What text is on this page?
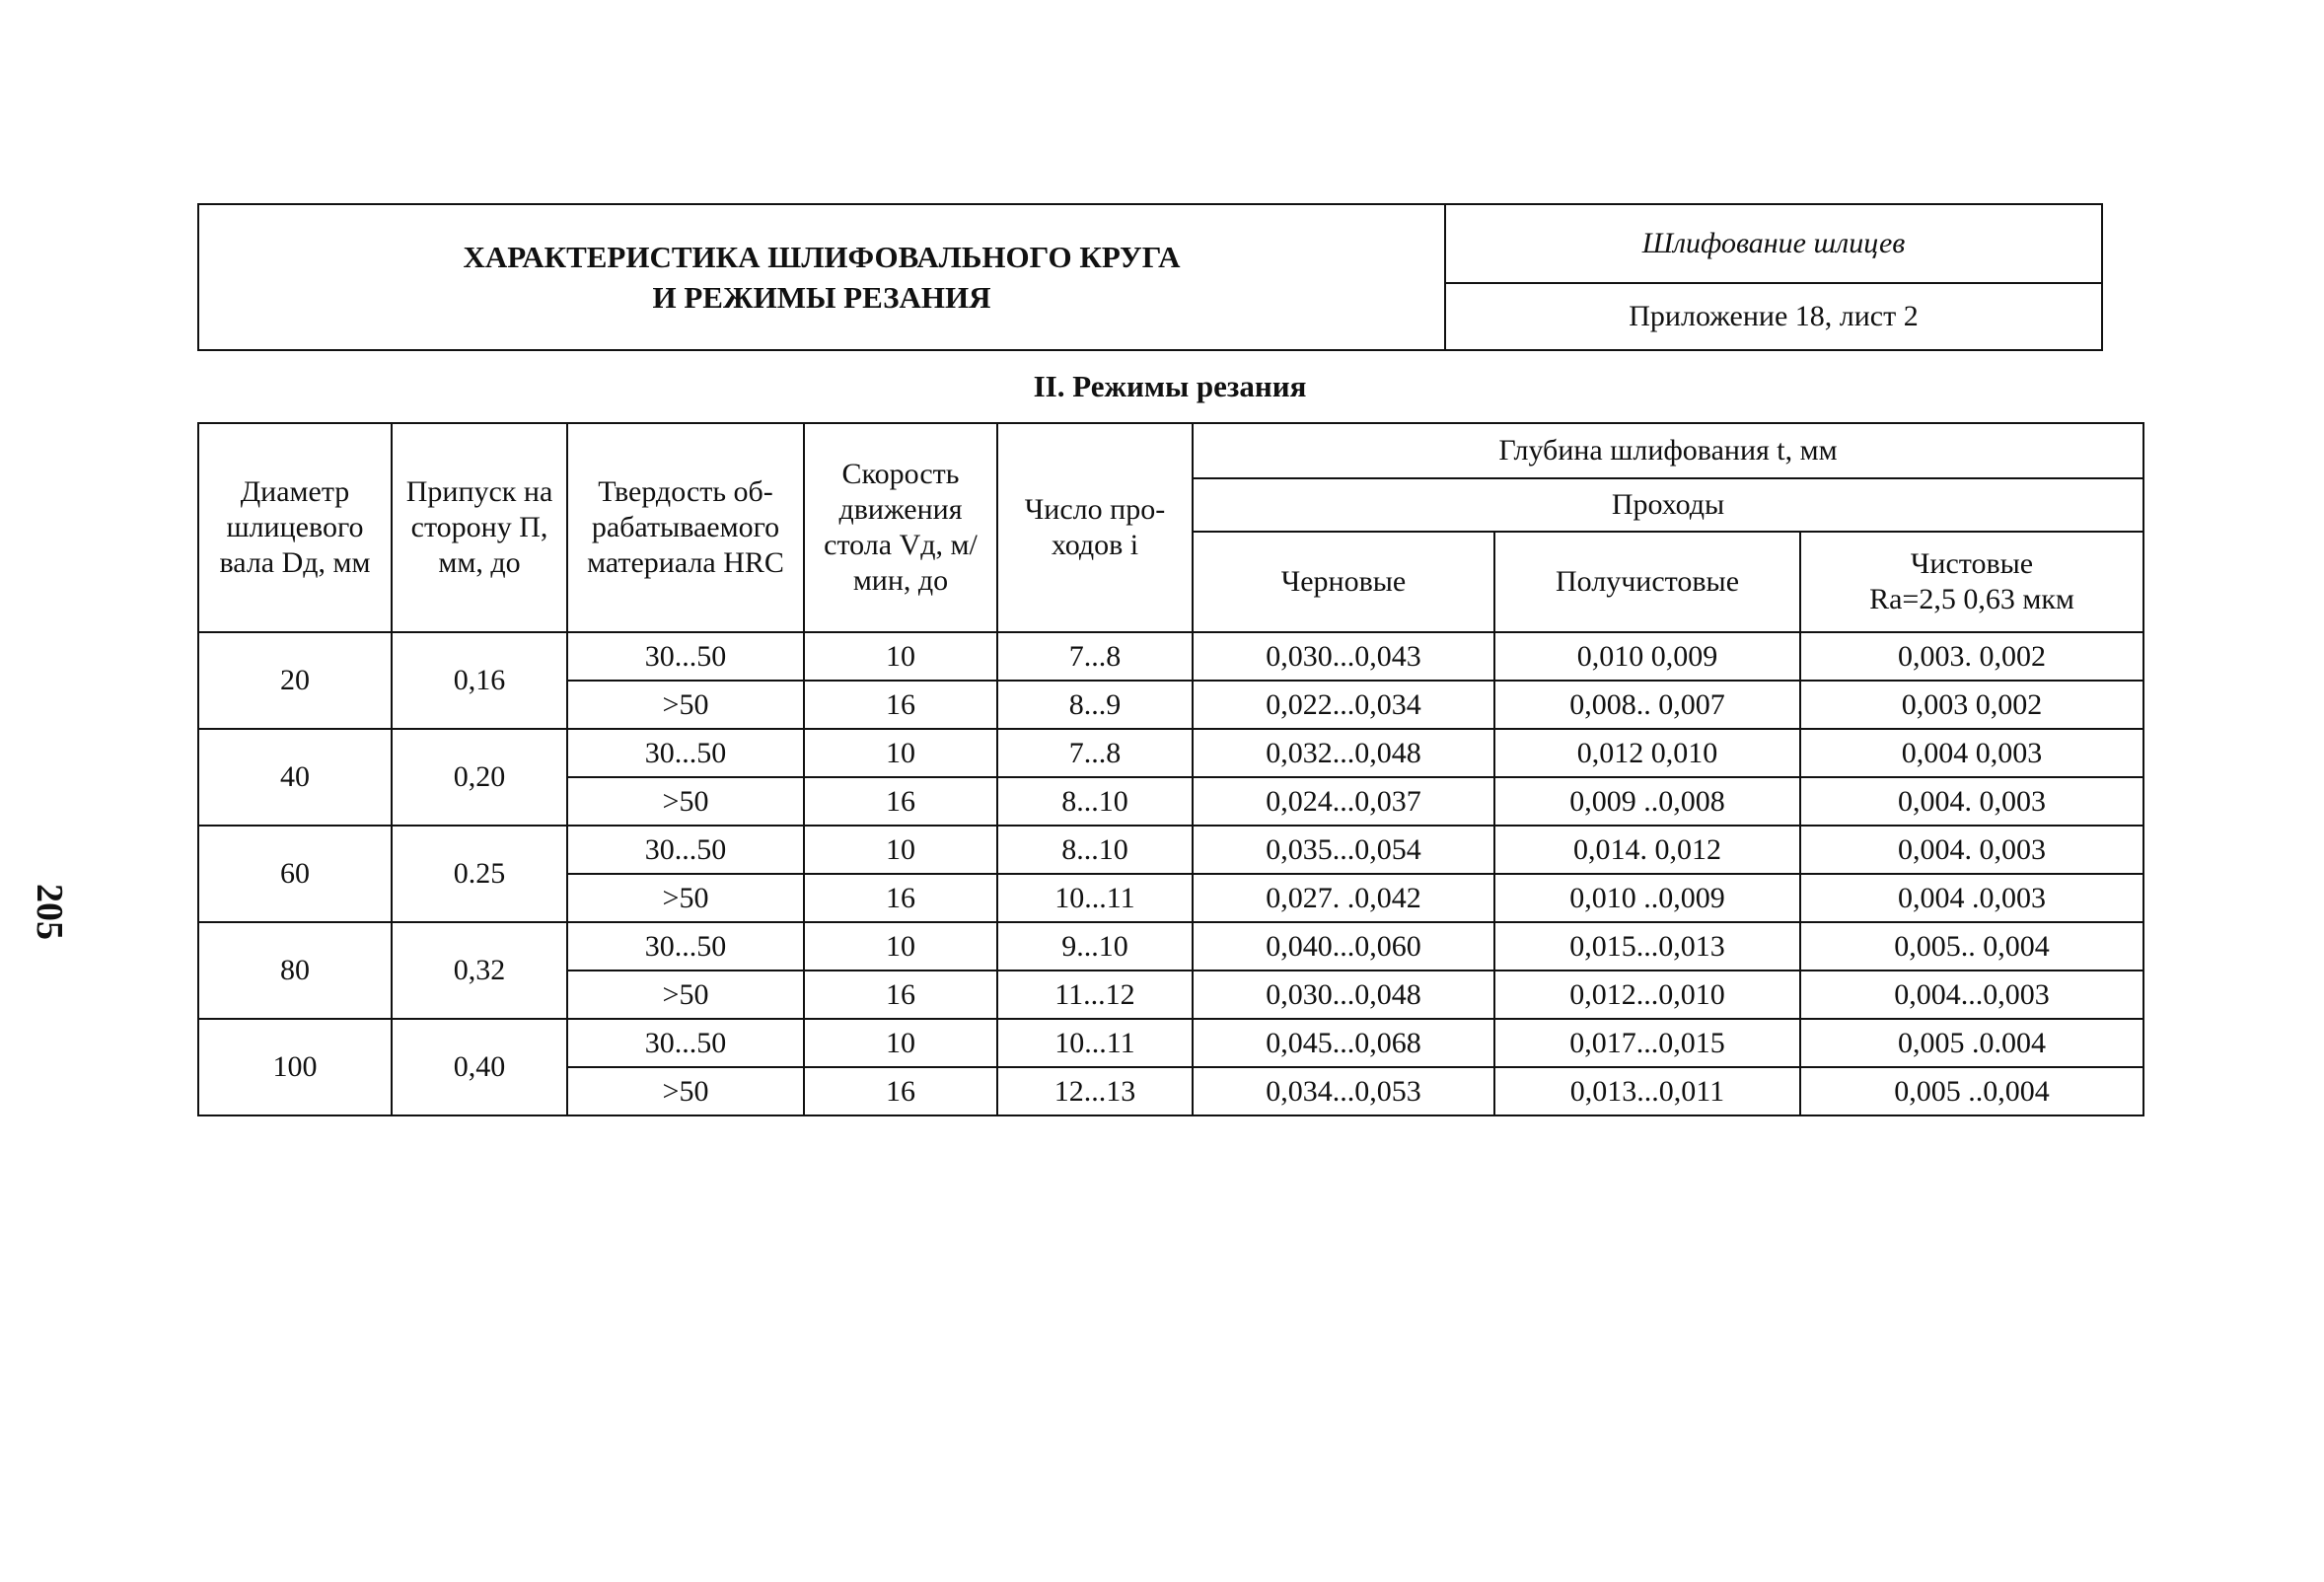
ХАРАКТЕРИСТИКА ШЛИФОВАЛЬНОГО КРУГА
И РЕЖИМЫ РЕЗАНИЯ
Шлифование шлицев
Приложение 18, лист 2
II. Режимы резания
Диаметр шлицевого вала Dд, мм	Припуск на сторону П, мм, до	Твердость об-рабатываемого материала HRC	Скорость движения стола Vд, м/мин, до	Число про-ходов i	Глубина шлифования t, мм		
					Проходы		
					Черновые	Получистовые	Чистовые
Ra=2,5 0,63 мкм

20	0,16	30...50	10	7...8	0,030...0,043	0,010 0,009	0,003. 0,002
		>50	16	8...9	0,022...0,034	0,008.. 0,007	0,003 0,002
40	0,20	30...50	10	7...8	0,032...0,048	0,012 0,010	0,004 0,003
		>50	16	8...10	0,024...0,037	0,009 ..0,008	0,004. 0,003
60	0.25	30...50	10	8...10	0,035...0,054	0,014. 0,012	0,004. 0,003
		>50	16	10...11	0,027. .0,042	0,010 ..0,009	0,004 .0,003
80	0,32	30...50	10	9...10	0,040...0,060	0,015...0,013	0,005.. 0,004
		>50	16	11...12	0,030...0,048	0,012...0,010	0,004...0,003
100	0,40	30...50	10	10...11	0,045...0,068	0,017...0,015	0,005 .0.004
		>50	16	12...13	0,034...0,053	0,013...0,011	0,005 ..0,004
205
